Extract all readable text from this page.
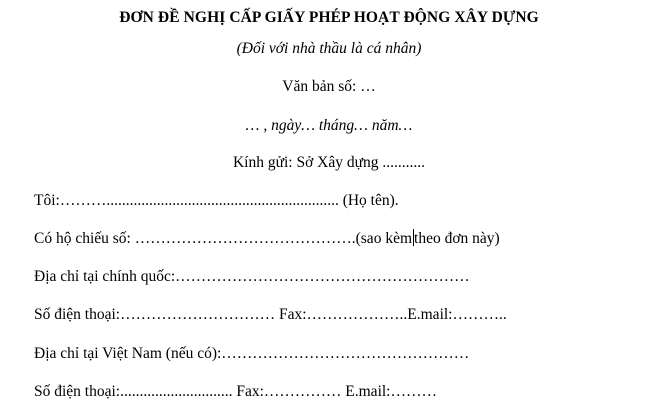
ĐƠN ĐỀ NGHỊ CẤP GIẤY PHÉP HOẠT ĐỘNG XÂY DỰNG
(Đối với nhà thầu là cá nhân)
Văn bản số: …
… , ngày… tháng… năm…
Kính gửi: Sở Xây dựng ...........
Tôi:………............................................................ (Họ tên).
Có hộ chiếu số: …………………………………….(sao kèm theo đơn này)
Địa chỉ tại chính quốc:…………………………………………………
Số điện thoại:………………………… Fax:………………..E.mail:………..
Địa chỉ tại Việt Nam (nếu có):…………………………………………
Số điện thoại:............................. Fax:…………… E.mail:………
